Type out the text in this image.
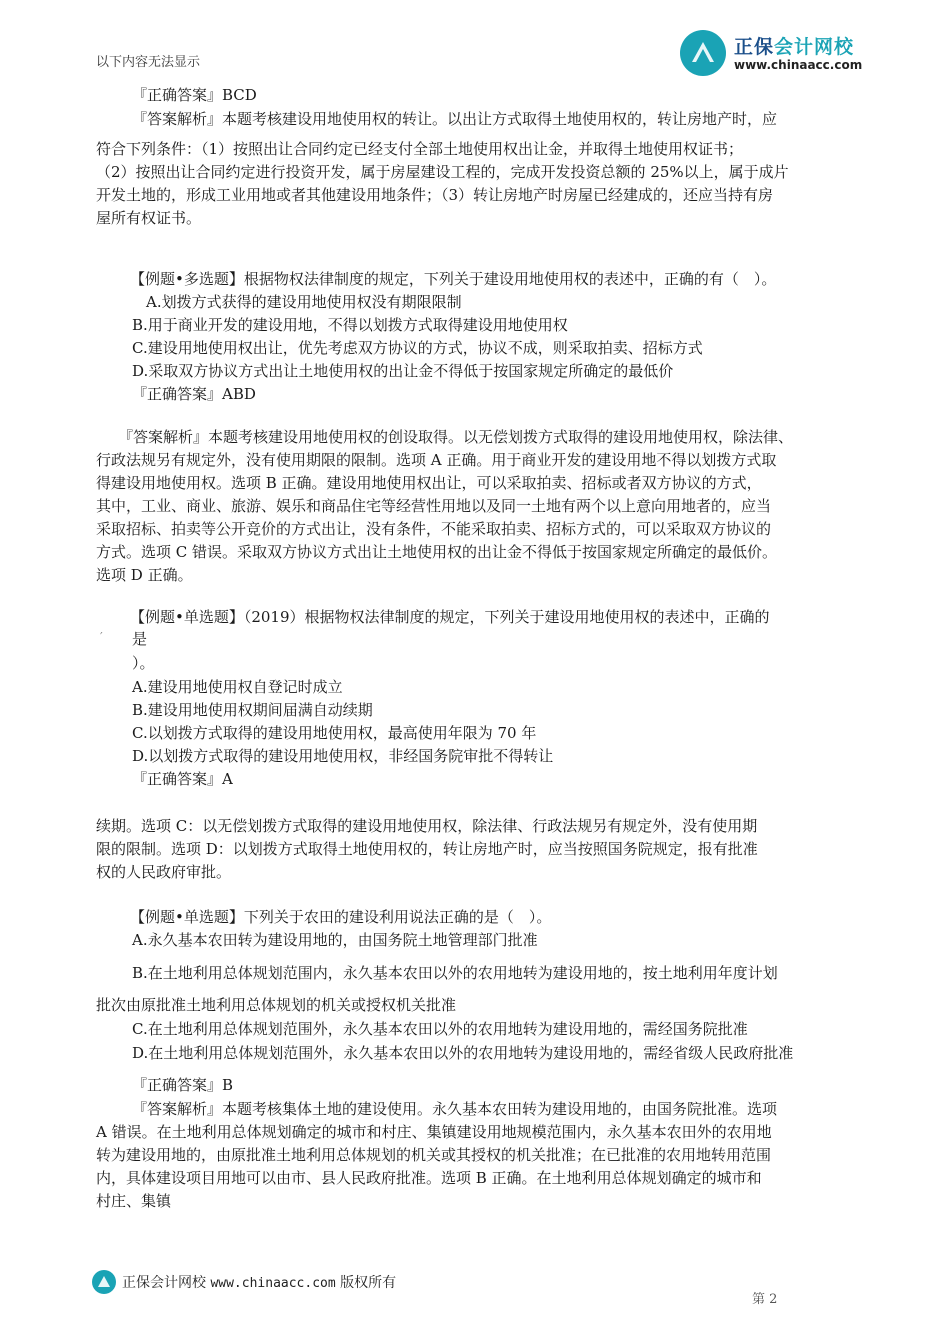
以下内容无法显示
『正确答案』BCD
『答案解析』本题考核建设用地使用权的转让。以出让方式取得土地使用权的，转让房地产时，应
正保会计网校
www.chinaacc.com
符合下列条件：（1）按照出让合同约定已经支付全部土地使用权出让金，并取得土地使用权证书；
（2）按照出让合同约定进行投资开发，属于房屋建设工程的，完成开发投资总额的 25%以上，属于成片
开发土地的，形成工业用地或者其他建设用地条件；（3）转让房地产时房屋已经建成的，还应当持有房
屋所有权证书。
【例题•多选题】根据物权法律制度的规定，下列关于建设用地使用权的表述中，正确的有（　）。
A.划拨方式获得的建设用地使用权没有期限限制
B.用于商业开发的建设用地，不得以划拨方式取得建设用地使用权
C.建设用地使用权出让，优先考虑双方协议的方式，协议不成，则采取拍卖、招标方式
D.采取双方协议方式出让土地使用权的出让金不得低于按国家规定所确定的最低价
『正确答案』ABD
『答案解析』本题考核建设用地使用权的创设取得。以无偿划拨方式取得的建设用地使用权，除法律、
行政法规另有规定外，没有使用期限的限制。选项 A 正确。用于商业开发的建设用地不得以划拨方式取
得建设用地使用权。选项 B 正确。建设用地使用权出让，可以采取拍卖、招标或者双方协议的方式，
其中，工业、商业、旅游、娱乐和商品住宅等经营性用地以及同一土地有两个以上意向用地者的，应当
采取招标、拍卖等公开竞价的方式出让，没有条件，不能采取拍卖、招标方式的，可以采取双方协议的
方式。选项 C 错误。采取双方协议方式出让土地使用权的出让金不得低于按国家规定所确定的最低价。
选项 D 正确。
【例题•单选题】（2019）根据物权法律制度的规定，下列关于建设用地使用权的表述中，正确的
′ 是
）。
A.建设用地使用权自登记时成立
B.建设用地使用权期间届满自动续期
C.以划拨方式取得的建设用地使用权，最高使用年限为 70 年
D.以划拨方式取得的建设用地使用权，非经国务院审批不得转让
『正确答案』A
续期。选项 C：以无偿划拨方式取得的建设用地使用权，除法律、行政法规另有规定外，没有使用期
限的限制。选项 D：以划拨方式取得土地使用权的，转让房地产时，应当按照国务院规定，报有批准
权的人民政府审批。
【例题•单选题】下列关于农田的建设利用说法正确的是（　）。
A.永久基本农田转为建设用地的，由国务院土地管理部门批准
B.在土地利用总体规划范围内，永久基本农田以外的农用地转为建设用地的，按土地利用年度计划
批次由原批准土地利用总体规划的机关或授权机关批准
C.在土地利用总体规划范围外，永久基本农田以外的农用地转为建设用地的，需经国务院批准
D.在土地利用总体规划范围外，永久基本农田以外的农用地转为建设用地的，需经省级人民政府批准
『正确答案』B
『答案解析』本题考核集体土地的建设使用。永久基本农田转为建设用地的，由国务院批准。选项
A 错误。在土地利用总体规划确定的城市和村庄、集镇建设用地规模范围内，永久基本农田外的农用地
转为建设用地的，由原批准土地利用总体规划的机关或其授权的机关批准；在已批准的农用地转用范围
内，具体建设项目用地可以由市、县人民政府批准。选项 B 正确。在土地利用总体规划确定的城市和
村庄、集镇
正保会计网校 www.chinaacc.com 版权所有
第 2
